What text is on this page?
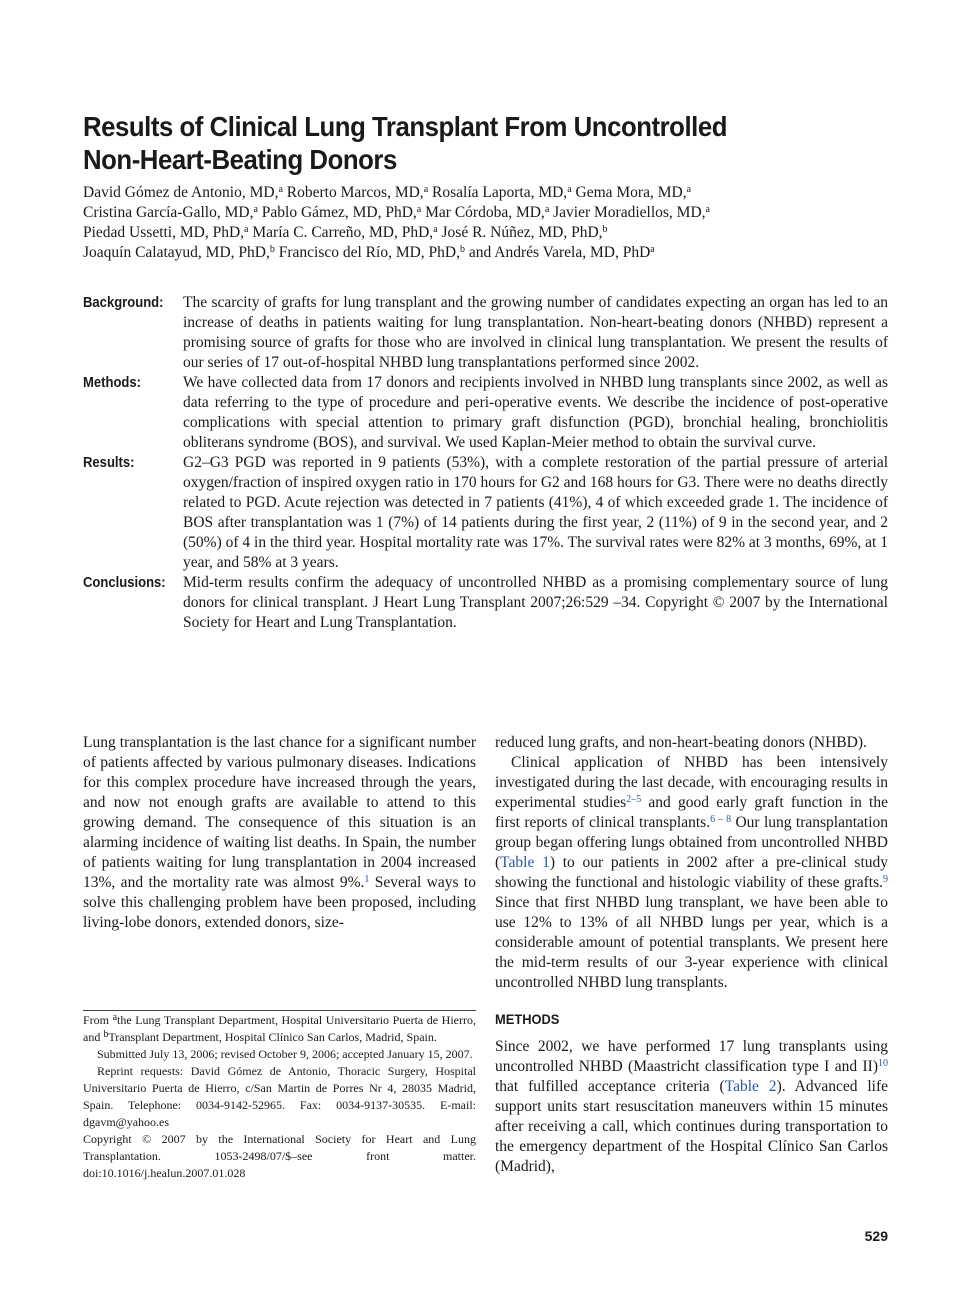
Results of Clinical Lung Transplant From Uncontrolled
Non-Heart-Beating Donors
David Gómez de Antonio, MD,$^a$ Roberto Marcos, MD,$^a$ Rosalía Laporta, MD,$^a$ Gema Mora, MD,$^a$
Cristina García-Gallo, MD,$^a$ Pablo Gámez, MD, PhD,$^a$ Mar Córdoba, MD,$^a$ Javier Moradiellos, MD,$^a$
Piedad Ussetti, MD, PhD,$^a$ María C. Carreño, MD, PhD,$^a$ José R. Núñez, MD, PhD,$^b$
Joaquín Calatayud, MD, PhD,$^b$ Francisco del Río, MD, PhD,$^b$ and Andrés Varela, MD, PhD$^a$
Background:	The scarcity of grafts for lung transplant and the growing number of candidates expecting an organ has led to an increase of deaths in patients waiting for lung transplantation. Non-heart-beating donors (NHBD) represent a promising source of grafts for those who are involved in clinical lung transplantation. We present the results of our series of 17 out-of-hospital NHBD lung transplantations performed since 2002.
Methods:	We have collected data from 17 donors and recipients involved in NHBD lung transplants since 2002, as well as data referring to the type of procedure and peri-operative events. We describe the incidence of post-operative complications with special attention to primary graft disfunction (PGD), bronchial healing, bronchiolitis obliterans syndrome (BOS), and survival. We used Kaplan-Meier method to obtain the survival curve.
Results:	G2–G3 PGD was reported in 9 patients (53%), with a complete restoration of the partial pressure of arterial oxygen/fraction of inspired oxygen ratio in 170 hours for G2 and 168 hours for G3. There were no deaths directly related to PGD. Acute rejection was detected in 7 patients (41%), 4 of which exceeded grade 1. The incidence of BOS after transplantation was 1 (7%) of 14 patients during the first year, 2 (11%) of 9 in the second year, and 2 (50%) of 4 in the third year. Hospital mortality rate was 17%. The survival rates were 82% at 3 months, 69%, at 1 year, and 58% at 3 years.
Conclusions:	Mid-term results confirm the adequacy of uncontrolled NHBD as a promising complementary source of lung donors for clinical transplant. J Heart Lung Transplant 2007;26:529 –34. Copyright © 2007 by the International Society for Heart and Lung Transplantation.

Lung transplantation is the last chance for a significant number of patients affected by various pulmonary diseases. Indications for this complex procedure have increased through the years, and now not enough grafts are available to attend to this growing demand. The consequence of this situation is an alarming incidence of waiting list deaths. In Spain, the number of patients waiting for lung transplantation in 2004 increased 13%, and the mortality rate was almost 9%.$^1$ Several ways to solve this challenging problem have been proposed, including living-lobe donors, extended donors, size-

From $^a$the Lung Transplant Department, Hospital Universitario Puerta de Hierro, and $^b$Transplant Department, Hospital Clínico San Carlos, Madrid, Spain.

Submitted July 13, 2006; revised October 9, 2006; accepted January 15, 2007.

Reprint requests: David Gómez de Antonio, Thoracic Surgery, Hospital Universitario Puerta de Hierro, c/San Martin de Porres Nr 4, 28035 Madrid, Spain. Telephone: 0034-9142-52965. Fax: 0034-9137-30535. E-mail: dgavm@yahoo.es

Copyright © 2007 by the International Society for Heart and Lung Transplantation. 1053-2498/07/$–see front matter. doi:10.1016/j.healun.2007.01.028

reduced lung grafts, and non-heart-beating donors (NHBD).

Clinical application of NHBD has been intensively investigated during the last decade, with encouraging results in experimental studies$^{2-5}$ and good early graft function in the first reports of clinical transplants.$^{6 - 8}$ Our lung transplantation group began offering lungs obtained from uncontrolled NHBD (Table 1) to our patients in 2002 after a pre-clinical study showing the functional and histologic viability of these grafts.$^9$ Since that first NHBD lung transplant, we have been able to use 12% to 13% of all NHBD lungs per year, which is a considerable amount of potential transplants. We present here the mid-term results of our 3-year experience with clinical uncontrolled NHBD lung transplants.

METHODS

Since 2002, we have performed 17 lung transplants using uncontrolled NHBD (Maastricht classification type I and II)$^{10}$ that fulfilled acceptance criteria (Table 2). Advanced life support units start resuscitation maneuvers within 15 minutes after receiving a call, which continues during transportation to the emergency department of the Hospital Clínico San Carlos (Madrid),

529
